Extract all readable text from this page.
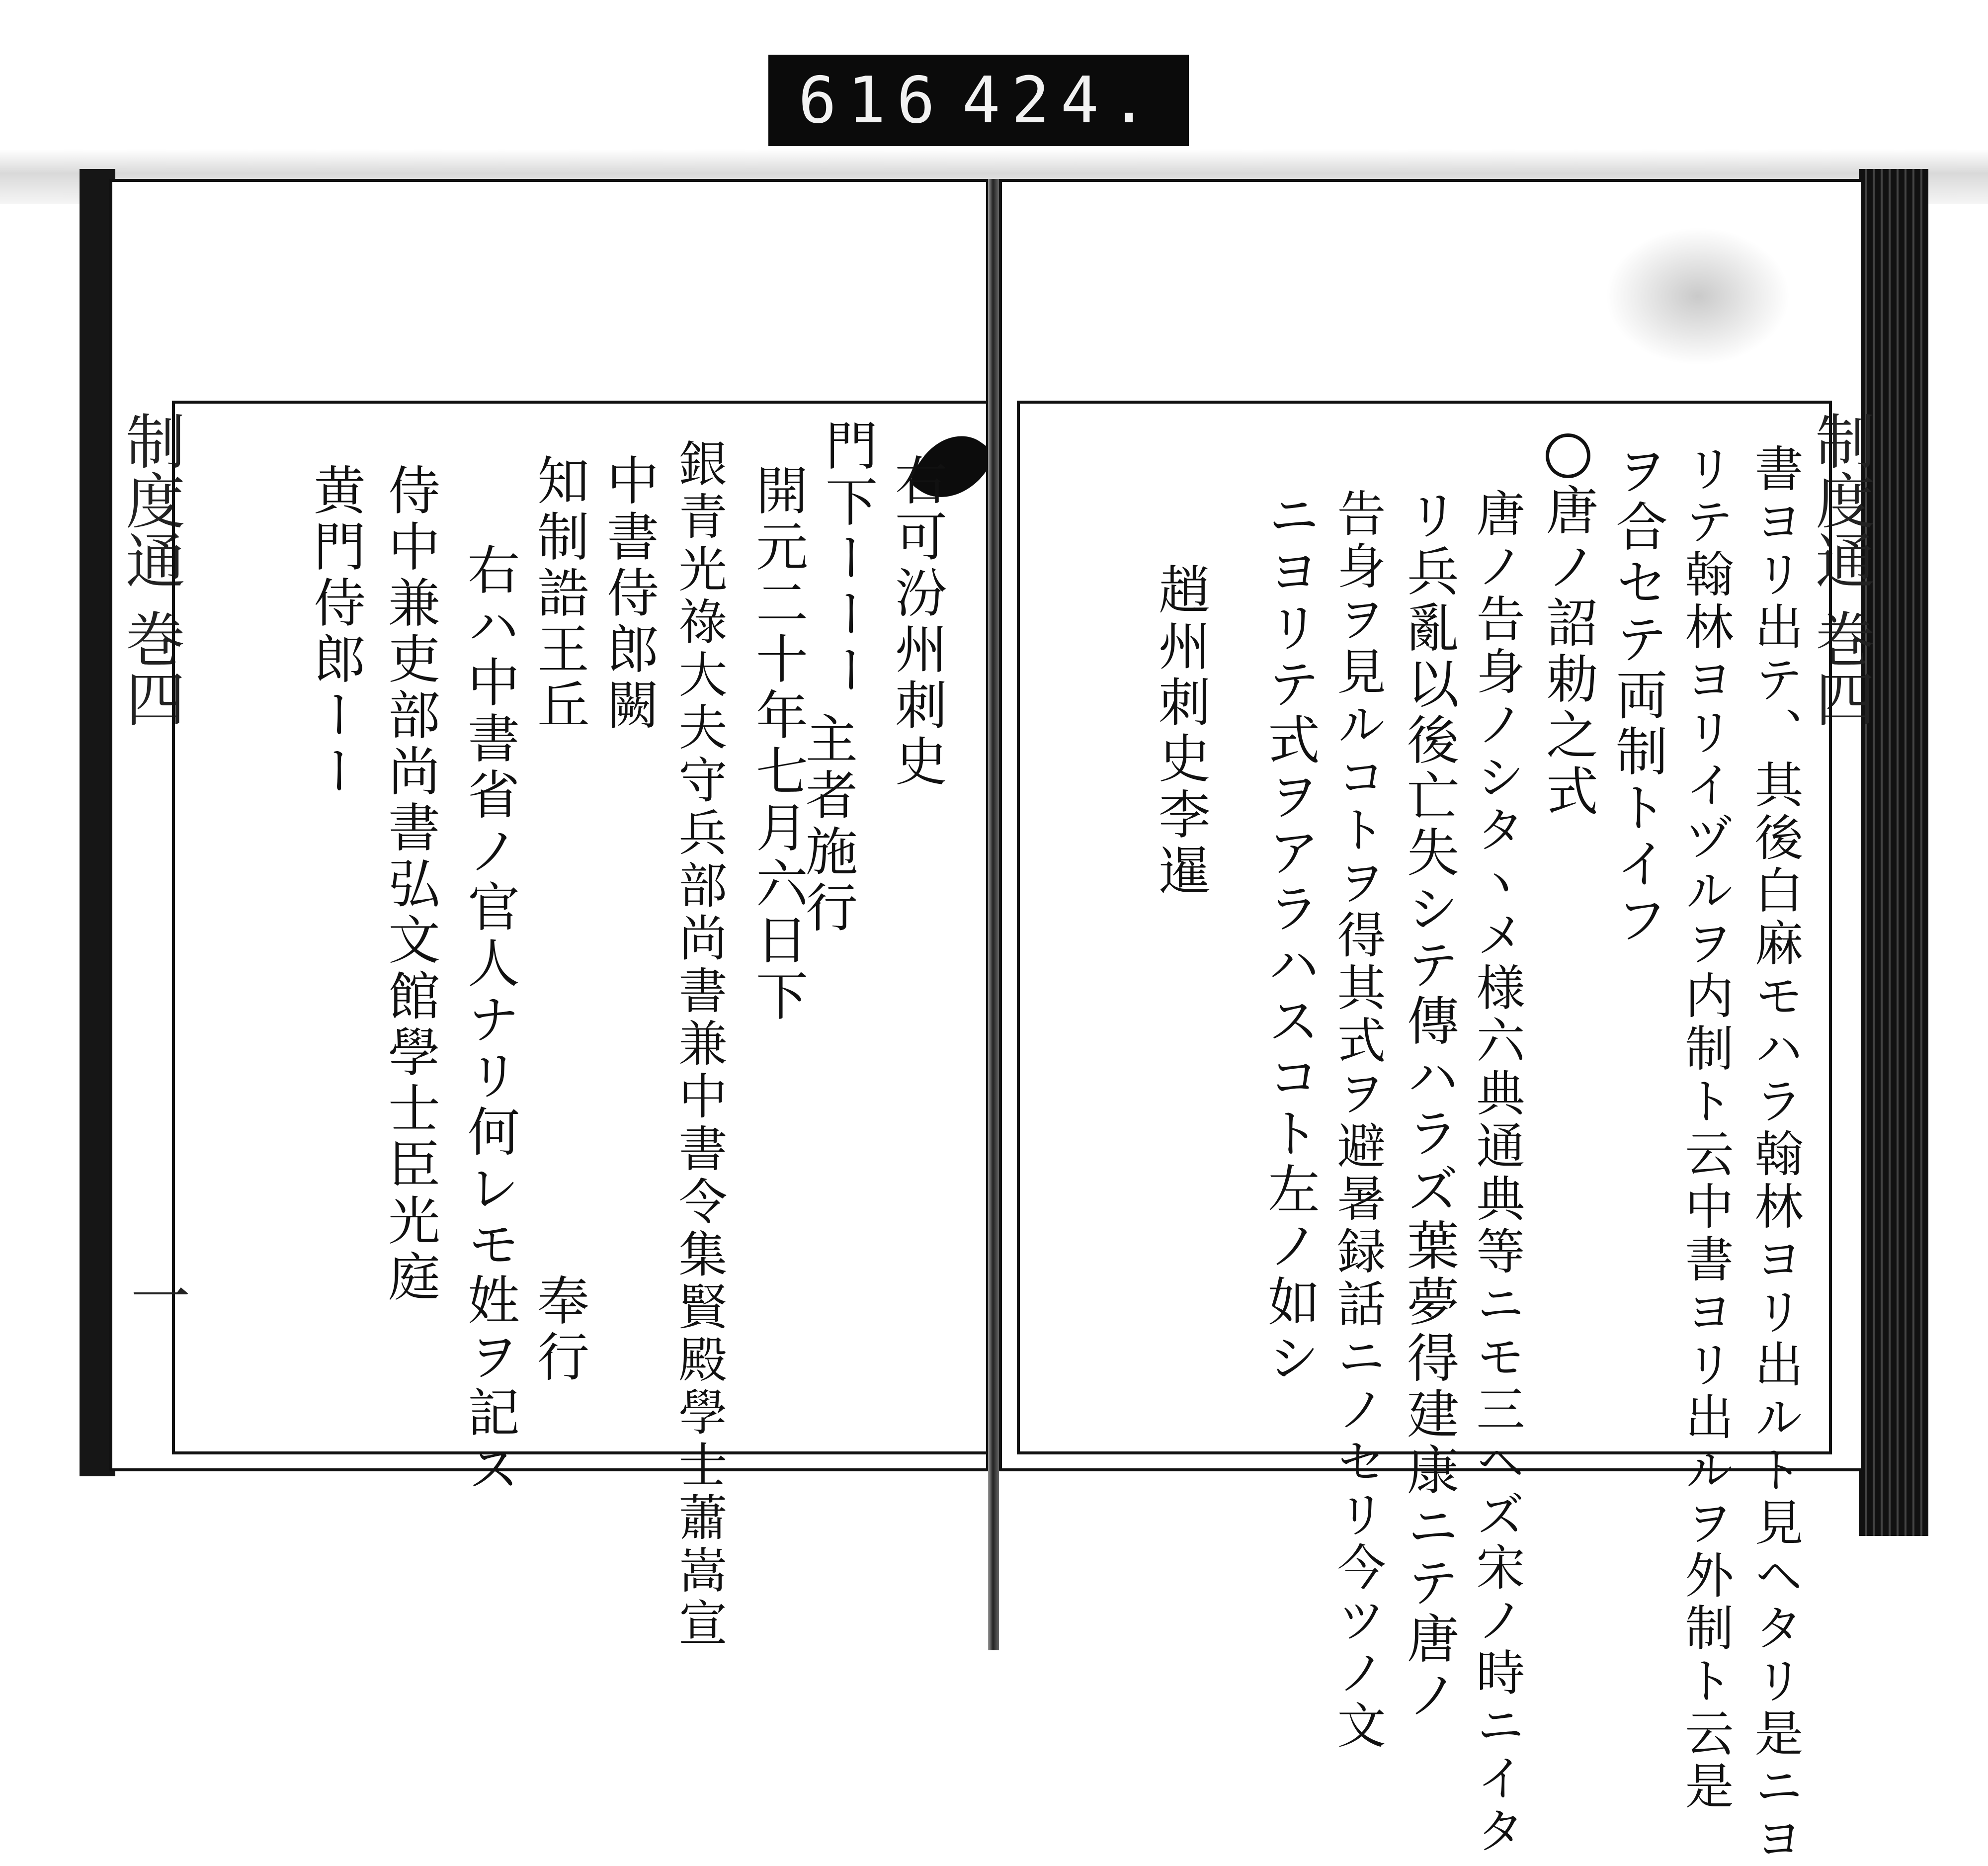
616 424.
制度通 巻四	右可汾州刺史
主者施行
門下ーーー
開元二十年七月六日下
銀青光祿大夫守兵部尚書兼中書令集賢殿學士蕭嵩宣
中書侍郎闕
知制誥王丘
奉行
右ハ中書省ノ官人ナリ何レモ姓ヲ記ス
侍中兼吏部尚書弘文館學士臣光庭
黄門侍郎ーー
一
制度通 巻四
書ヨリ出テ、其後白麻モハラ翰林ヨリ出ルト見ヘタリ是ニヨ
リテ翰林ヨリイヅルヲ内制ト云中書ヨリ出ルヲ外制ト云是
ヲ合セテ両制トイフ
唐ノ詔勅之式
唐ノ告身ノシタヽメ様六典通典等ニモ三ヘズ宋ノ時ニイタ
リ兵亂以後亡失シテ傳ハラズ葉夢得建康ニテ唐ノ
告身ヲ見ルコトヲ得其式ヲ避暑録話ニノセリ今ツノ文
ニヨリテ式ヲアラハスコト左ノ如シ
趙州刺史李暹
